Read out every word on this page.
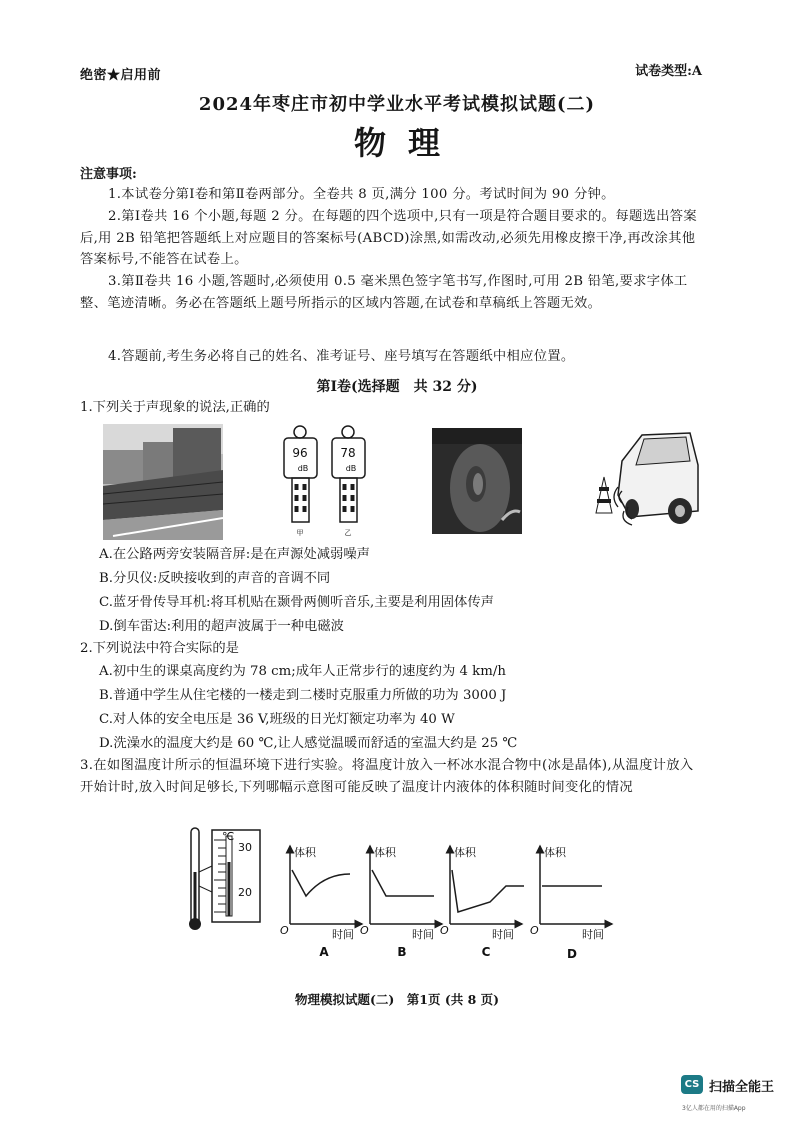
绝密★启用前	试卷类型:A
2024年枣庄市初中学业水平考试模拟试题(二)
物理
注意事项:
1.本试卷分第Ⅰ卷和第Ⅱ卷两部分。全卷共 8 页,满分 100 分。考试时间为 90 分钟。
2.第Ⅰ卷共 16 个小题,每题 2 分。在每题的四个选项中,只有一项是符合题目要求的。每题选出答案后,用 2B 铅笔把答题纸上对应题目的答案标号(ABCD)涂黑,如需改动,必须先用橡皮擦干净,再改涂其他答案标号,不能答在试卷上。
3.第Ⅱ卷共 16 小题,答题时,必须使用 0.5 毫米黑色签字笔书写,作图时,可用 2B 铅笔,要求字体工整、笔迹清晰。务必在答题纸上题号所指示的区域内答题,在试卷和草稿纸上答题无效。
4.答题前,考生务必将自己的姓名、准考证号、座号填写在答题纸中相应位置。
第Ⅰ卷(选择题　共 32 分)
1.下列关于声现象的说法,正确的
96	78
dB	dB
甲	乙
A.在公路两旁安装隔音屏:是在声源处减弱噪声
B.分贝仪:反映接收到的声音的音调不同
C.蓝牙骨传导耳机:将耳机贴在颞骨两侧听音乐,主要是利用固体传声
D.倒车雷达:利用的超声波属于一种电磁波
2.下列说法中符合实际的是
A.初中生的课桌高度约为 78 cm;成年人正常步行的速度约为 4 km/h
B.普通中学生从住宅楼的一楼走到二楼时克服重力所做的功为 3000 J
C.对人体的安全电压是 36 V,班级的日光灯额定功率为 40 W
D.洗澡水的温度大约是 60 ℃,让人感觉温暖而舒适的室温大约是 25 ℃
3.在如图温度计所示的恒温环境下进行实验。将温度计放入一杯冰水混合物中(冰是晶体),从温度计放入开始计时,放入时间足够长,下列哪幅示意图可能反映了温度计内液体的体积随时间变化的情况
℃
30
20
体积	体积	体积	体积
时间	时间	时间	时间
O	O	O	O
A	B	C	D
物理模拟试题(二)　第1页 (共 8 页)
CS 扫描全能王
3亿人都在用的扫描App
